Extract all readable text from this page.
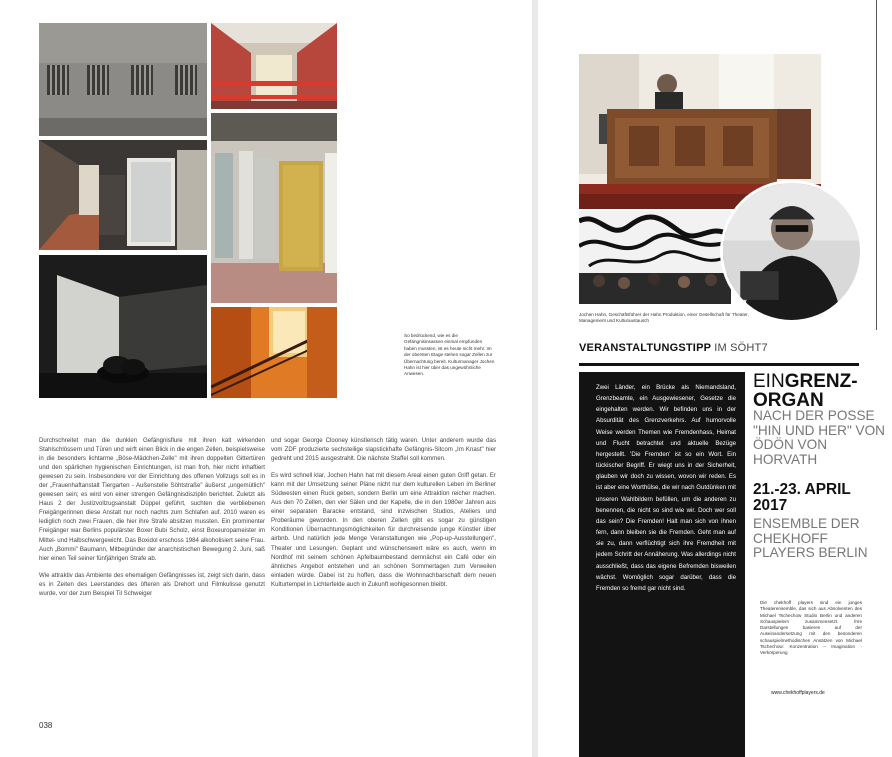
So bedrückend, wie es die Gefängnisinsassen einmal empfunden haben mussten, ist es heute nicht mehr. Im der obersten Etage stehen sogar Zellen zur Übernachtung bereit. Kulturmanager Jochen Hahn ist hier über das ungewöhnliche Anwesen.

Durchschreitet man die dunklen Gefängnisflure mit ihren kalt wirkenden Stahlschlössern und Türen und wirft einen Blick in die engen Zellen, beispielsweise in die besonders lichtarme „Böse-Mädchen-Zelle" mit ihren doppelten Gittertüren und den spärlichen hygienischen Einrichtungen, ist man froh, hier nicht inhaftiert gewesen zu sein. Insbesondere vor der Einrichtung des offenen Vollzugs soll es in der „Frauenhaftanstalt Tiergarten - Außenstelle Söhtstraße" äußerst „ungemütlich" gewesen sein; es wird von einer strengen Gefängnisdisziplin berichtet. Zuletzt als Haus 2 der Justizvollzugsanstalt Düppel geführt, suchten die verbliebenen Freigängerinnen diese Anstalt nur noch nachts zum Schlafen auf. 2010 waren es lediglich noch zwei Frauen, die hier ihre Strafe absitzen mussten. Ein prominenter Freigänger war Berlins populärster Boxer Bubi Scholz, einst Boxeuropameister im Mittel- und Halbschwergewicht. Das Boxidol erschoss 1984 alkoholisiert seine Frau. Auch „Bommi" Baumann, Mitbegründer der anarchistischen Bewegung 2. Juni, saß hier einen Teil seiner fünfjährigen Strafe ab.

Wie attraktiv das Ambiente des ehemaligen Gefängnisses ist, zeigt sich darin, dass es in Zeiten des Leerstandes des öfteren als Drehort und Filmkulisse genutzt wurde, vor der zum Beispiel Til Schweiger

und sogar George Clooney künstlerisch tätig waren. Unter anderem wurde das vom ZDF produzierte sechsteilige slapstickhafte Gefängnis-Sitcom „Im Knast" hier gedreht und 2015 ausgestrahlt. Die nächste Staffel soll kommen.

Es wird schnell klar, Jochen Hahn hat mit diesem Areal einen guten Griff getan. Er kann mit der Umsetzung seiner Pläne nicht nur dem kulturellen Leben im Berliner Südwesten einen Ruck geben, sondern Berlin um eine Attraktion reicher machen. Aus den 70 Zellen, den vier Sälen und der Kapelle, die in den 1980er Jahren aus einer separaten Baracke entstand, sind inzwischen Studios, Ateliers und Proberäume geworden. In den oberen Zellen gibt es sogar zu günstigen Konditionen Übernachtungsmöglichkeiten für durchreisende junge Künstler über airbnb. Und natürlich jede Menge Veranstaltungen wie „Pop-up-Ausstellungen", Theater und Lesungen. Geplant und wünschenswert wäre es auch, wenn im Nordhof mit seinem schönen Apfelbaumbestand demnächst ein Café oder ein ähnliches Angebot entstehen und an schönen Sommertagen zum Verweilen einladen würde. Dabei ist zu hoffen, dass die Wohnnachbarschaft dem neuen Kulturtempel in Lichterfelde auch in Zukunft wohlgesonnen bleibt.

038
Jochen Hahn, Geschäftsführer der Hahn Produktion, einer Gesellschaft für Theater, Management und Kulturaustausch
VERANSTALTUNGSTIPP IM SÖHT7
Zwei Länder, ein Brücke als Niemandsland, Grenzbeamte, ein Ausgewiesener, Gesetze die eingehalten werden. Wir befinden uns in der Absurdität des Grenzverkehrs. Auf humorvolle Weise werden Themen wie Fremdenhass, Heimat und Flucht betrachtet und aktuelle Bezüge hergestellt. 'Die Fremden' ist so ein Wort. Ein tückischer Begriff. Er wiegt uns in der Sicherheit, glauben wir doch zu wissen, wovon wir reden. Es ist aber eine Worthülse, die wir nach Gutdünken mit unseren Wahlbildern befüllen, um die anderen zu benennen, die nicht so sind wie wir. Doch wer soll das sein? Die Fremden! Halt man sich von ihnen fern, dann bleiben sie die Fremden. Geht man auf sie zu, dann verflüchtigt sich ihre Fremdheit mit jedem Schritt der Annäherung. Was allerdings nicht ausschließt, dass das eigene Befremden bisweilen wächst. Womöglich sogar darüber, dass die Fremden so fremd gar nicht sind.
EINGRENZ-
ORGAN
NACH DER POSSE "HIN UND HER" VON ÖDÖN VON HORVATH
21.-23. APRIL 2017
ENSEMBLE DER CHEKHOFF PLAYERS BERLIN
Die chekhoff players sind ein junges Theaterensemble, das sich aus Absolventen des Michael Tschechow Studio Berlin und anderen Schauspielern zusammensetzt. Ihre Darstellungen basieren auf der Auseinandersetzung mit den besonderen schauspielmethodischen Ansätzen von Michael Tschechow: Konzentration – Imagination · Verkörperung
www.chekhoffplayers.de
